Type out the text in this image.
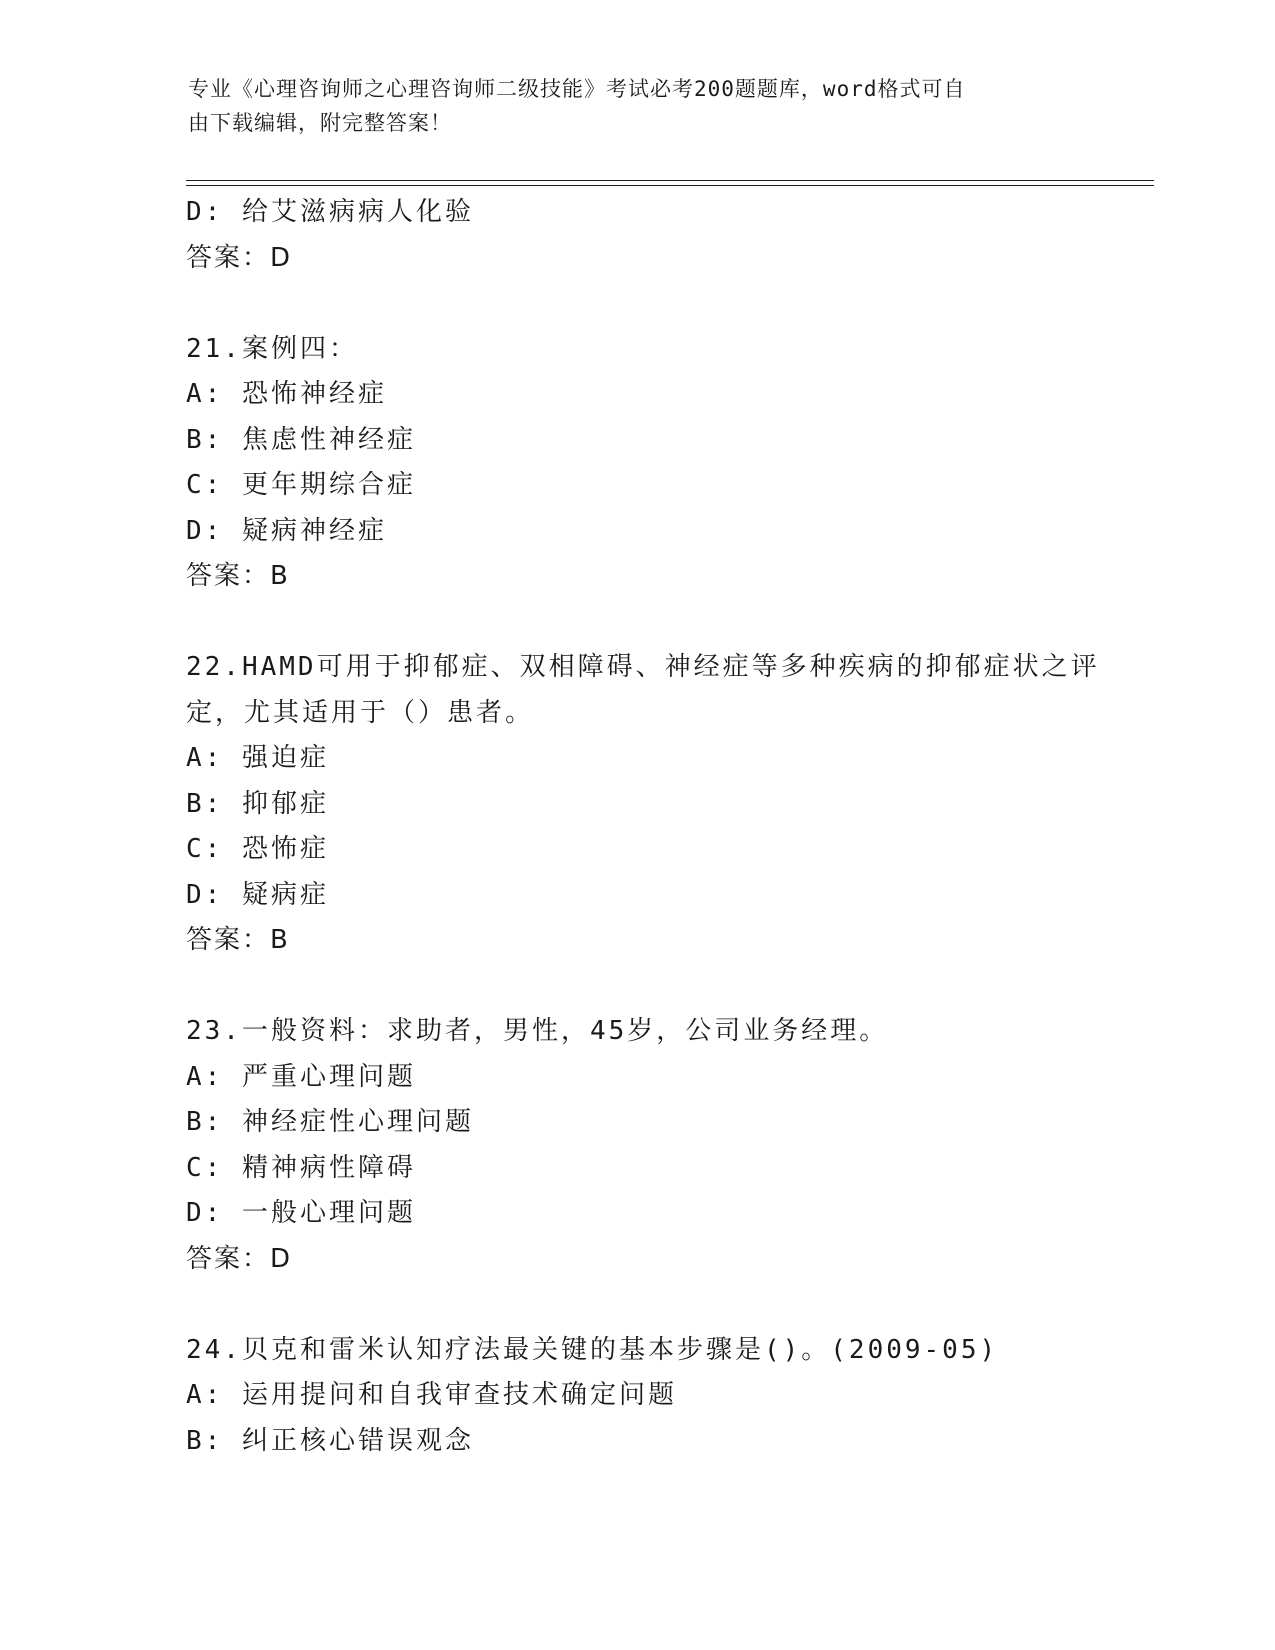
专业《心理咨询师之心理咨询师二级技能》考试必考200题题库，word格式可自
由下载编辑，附完整答案！
D: 给艾滋病病人化验
答案：D
21.案例四：
A: 恐怖神经症
B: 焦虑性神经症
C: 更年期综合症
D: 疑病神经症
答案：B
22.HAMD可用于抑郁症、双相障碍、神经症等多种疾病的抑郁症状之评
定，尤其适用于（）患者。
A: 强迫症
B: 抑郁症
C: 恐怖症
D: 疑病症
答案：B
23.一般资料：求助者，男性，45岁，公司业务经理。
A: 严重心理问题
B: 神经症性心理问题
C: 精神病性障碍
D: 一般心理问题
答案：D
24.贝克和雷米认知疗法最关键的基本步骤是()。(2009-05)
A: 运用提问和自我审查技术确定问题
B: 纠正核心错误观念
